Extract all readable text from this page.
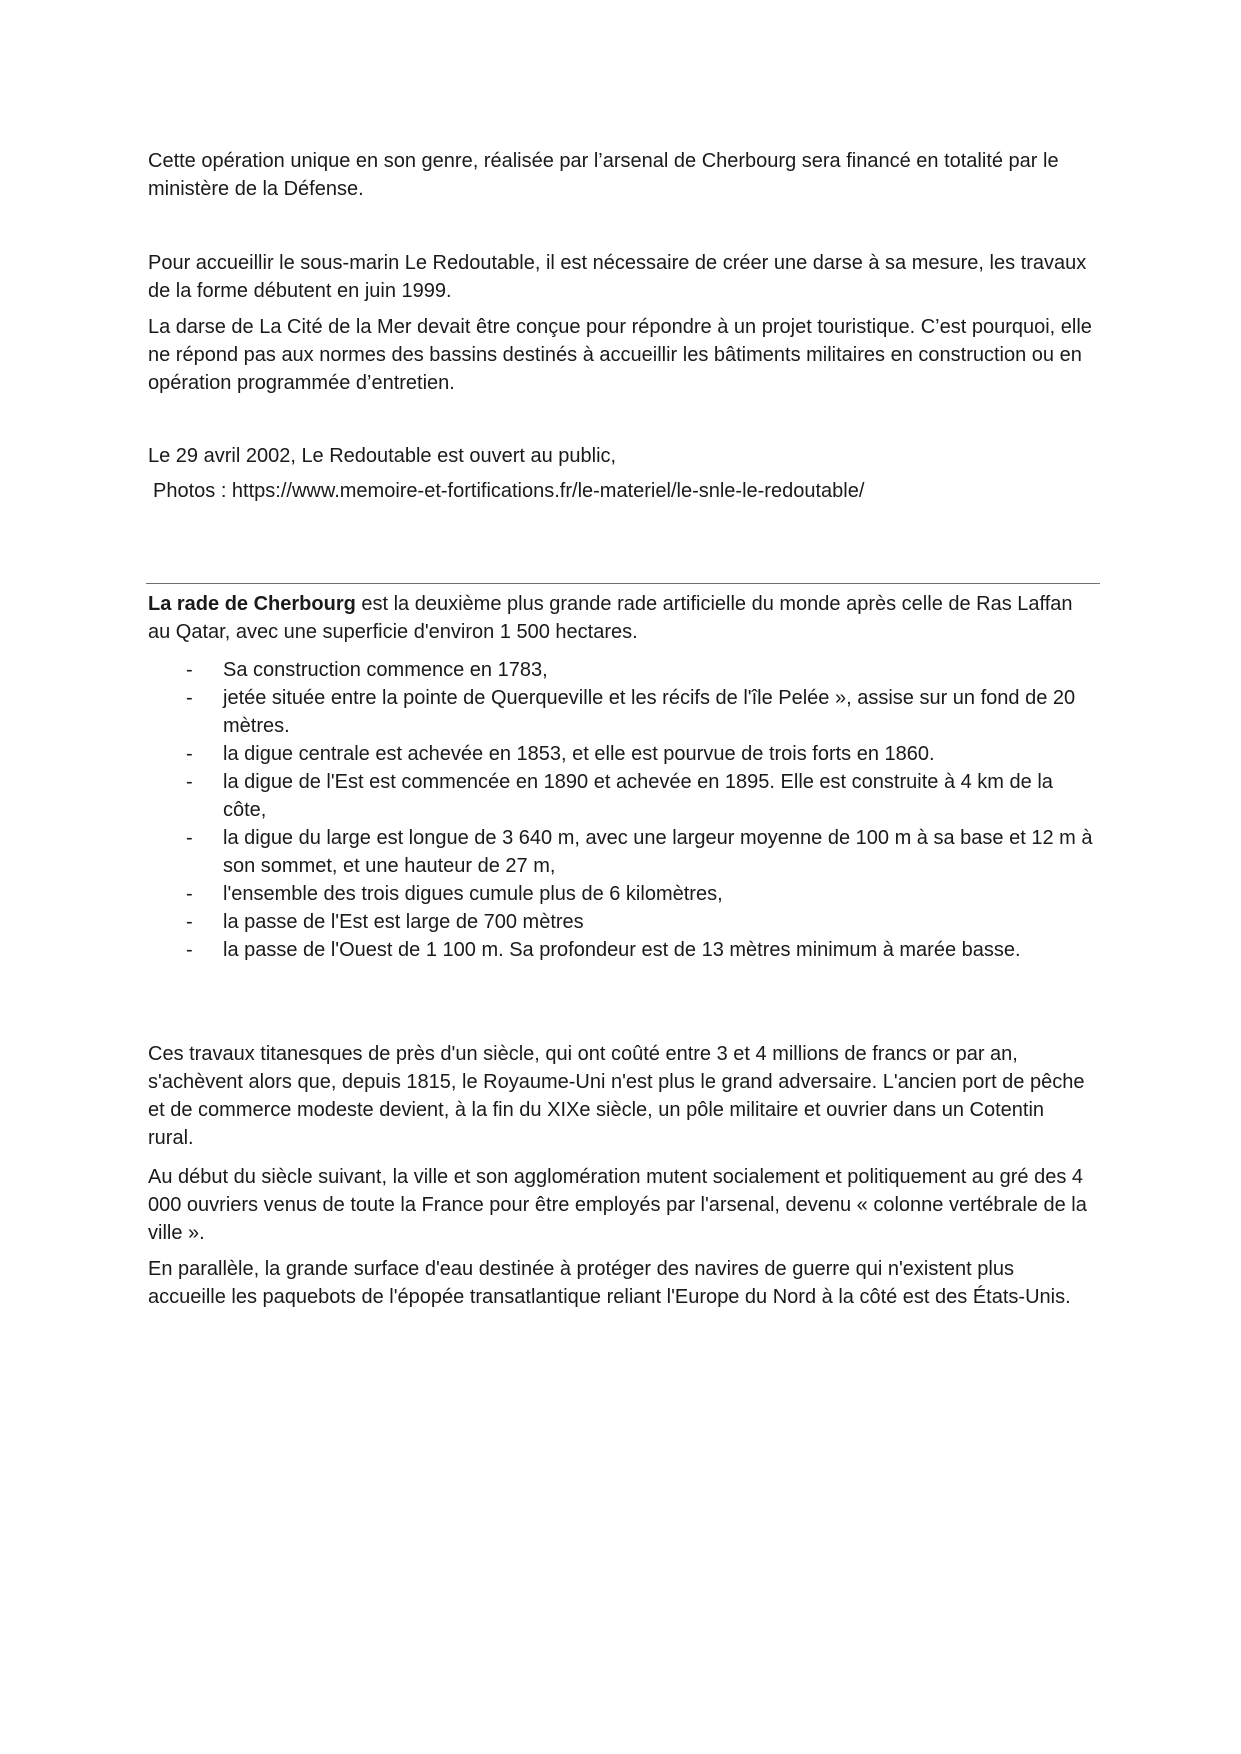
Cette opération unique en son genre, réalisée par l’arsenal de Cherbourg sera financé en totalité par le ministère de la Défense.

Pour accueillir le sous-marin Le Redoutable, il est nécessaire de créer une darse à sa mesure, les travaux de la forme débutent en juin 1999.

La darse de La Cité de la Mer devait être conçue pour répondre à un projet touristique. C’est pourquoi, elle ne répond pas aux normes des bassins destinés à accueillir les bâtiments militaires en construction ou en opération programmée d’entretien.

Le 29 avril 2002, Le Redoutable est ouvert au public,

Photos : https://www.memoire-et-fortifications.fr/le-materiel/le-snle-le-redoutable/

La rade de Cherbourg est la deuxième plus grande rade artificielle du monde après celle de Ras Laffan au Qatar, avec une superficie d'environ 1 500 hectares.

- Sa construction commence en 1783,
- jetée située entre la pointe de Querqueville et les récifs de l'île Pelée », assise sur un fond de 20 mètres.
- la digue centrale est achevée en 1853, et elle est pourvue de trois forts en 1860.
- la digue de l'Est est commencée en 1890 et achevée en 1895. Elle est construite à 4 km de la côte,
- la digue du large est longue de 3 640 m, avec une largeur moyenne de 100 m à sa base et 12 m à son sommet, et une hauteur de 27 m,
- l'ensemble des trois digues cumule plus de 6 kilomètres,
- la passe de l'Est est large de 700 mètres
- la passe de l'Ouest de 1 100 m. Sa profondeur est de 13 mètres minimum à marée basse.

Ces travaux titanesques de près d'un siècle, qui ont coûté entre 3 et 4 millions de francs or par an, s'achèvent alors que, depuis 1815, le Royaume-Uni n'est plus le grand adversaire. L'ancien port de pêche et de commerce modeste devient, à la fin du XIXe siècle, un pôle militaire et ouvrier dans un Cotentin rural.

Au début du siècle suivant, la ville et son agglomération mutent socialement et politiquement au gré des 4 000 ouvriers venus de toute la France pour être employés par l'arsenal, devenu « colonne vertébrale de la ville ».

En parallèle, la grande surface d'eau destinée à protéger des navires de guerre qui n'existent plus accueille les paquebots de l'épopée transatlantique reliant l'Europe du Nord à la côté est des États-Unis.
